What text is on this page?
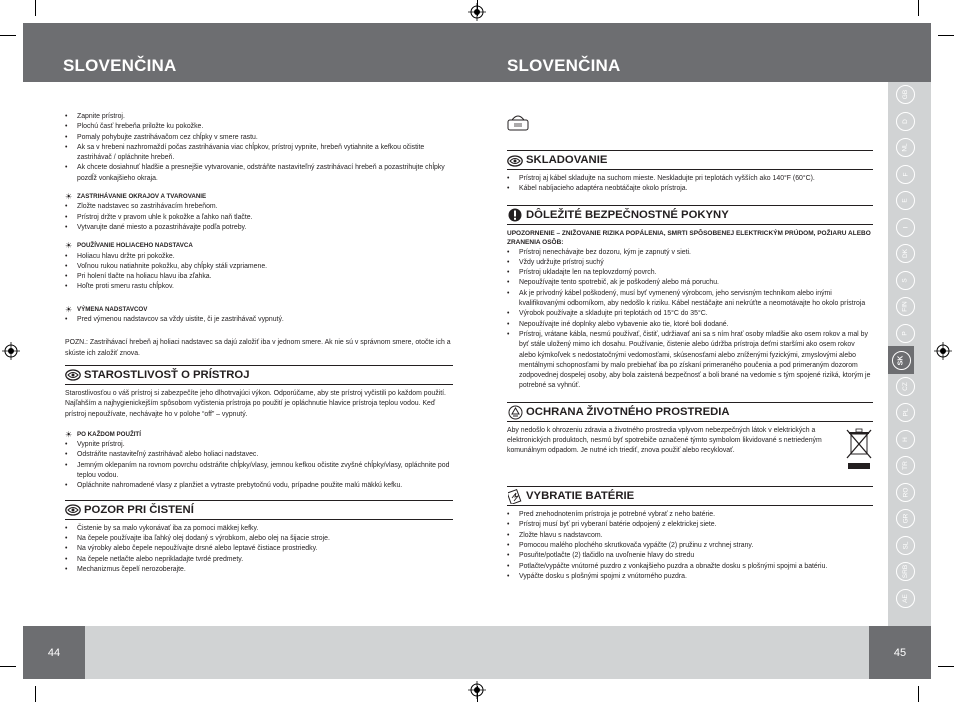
SLOVENČINA	SLOVENČINA
GB
D
NL
F
E
I
DK
S
FIN
P
SK
CZ
PL
H
TR
RO
GR
SL
SRB
AE
44	45
• Zapnite prístroj.
• Plochú časť hrebeňa priložte ku pokožke.
• Pomaly pohybujte zastrihávačom cez chĺpky v smere rastu.
• Ak sa v hrebeni nazhromaždí počas zastrihávania viac chĺpkov, prístroj vypnite, hrebeň vytiahnite a kefkou očistite zastrihávač / opláchnite hrebeň.
• Ak chcete dosiahnuť hladšie a presnejšie vytvarovanie, odstráňte nastaviteľný zastrihávací hrebeň a pozastrihujte chĺpky pozdĺž vonkajšieho okraja.
☀ ZASTRIHÁVANIE OKRAJOV A TVAROVANIE
• Zložte nadstavec so zastrihávacím hrebeňom.
• Prístroj držte v pravom uhle k pokožke a ľahko naň tlačte.
• Vytvarujte dané miesto a pozastrihávajte podľa potreby.
☀ POUŽÍVANIE HOLIACEHO NADSTAVCA
• Holiacu hlavu držte pri pokožke.
• Voľnou rukou natiahnite pokožku, aby chĺpky stáli vzpriamene.
• Pri holení tlačte na holiacu hlavu iba zľahka.
• Hoľte proti smeru rastu chĺpkov.
☀ VÝMENA NADSTAVCOV
• Pred výmenou nadstavcov sa vždy uistite, či je zastrihávač vypnutý.
POZN.: Zastrihávací hrebeň aj holiaci nadstavec sa dajú založiť iba v jednom smere. Ak nie sú v správnom smere, otočte ich a skúste ich založiť znova.
STAROSTLIVOSŤ O PRÍSTROJ
Starostlivosťou o váš prístroj si zabezpečíte jeho dlhotrvajúci výkon. Odporúčame, aby ste prístroj vyčistili po každom použití. Najľahším a najhygienickejším spôsobom vyčistenia prístroja po použití je opláchnutie hlavice prístroja teplou vodou. Keď prístroj nepoužívate, nechávajte ho v polohe “off” – vypnutý.
☀ PO KAŽDOM POUŽITÍ
• Vypnite prístroj.
• Odstráňte nastaviteľný zastrihávač alebo holiaci nadstavec.
• Jemným oklepaním na rovnom povrchu odstráňte chĺpky/vlasy, jemnou kefkou očistite zvyšné chĺpky/vlasy, opláchnite pod teplou vodou.
• Opláchnite nahromadené vlasy z planžiet a vytraste prebytočnú vodu, prípadne použite malú mäkkú kefku.
POZOR PRI ČISTENÍ
• Čistenie by sa malo vykonávať iba za pomoci mäkkej kefky.
• Na čepele používajte iba ľahký olej dodaný s výrobkom, alebo olej na šijacie stroje.
• Na výrobky alebo čepele nepoužívajte drsné alebo leptavé čistiace prostriedky.
• Na čepele netlačte alebo neprikladajte tvrdé predmety.
• Mechanizmus čepelí nerozoberajte.
SKLADOVANIE
• Prístroj aj kábel skladujte na suchom mieste. Neskladujte pri teplotách vyšších ako 140°F (60°C).
• Kábel nabíjacieho adaptéra neobtáčajte okolo prístroja.
DÔLEŽITÉ BEZPEČNOSTNÉ POKYNY
UPOZORNENIE – ZNIŽOVANIE RIZIKA POPÁLENIA, SMRTI SPÔSOBENEJ ELEKTRICKÝM PRÚDOM, POŽIARU ALEBO ZRANENIA OSÔB:
• Prístroj nenechávajte bez dozoru, kým je zapnutý v sieti.
• Vždy udržujte prístroj suchý
• Prístroj ukladajte len na teplovzdorný povrch.
• Nepoužívajte tento spotrebič, ak je poškodený alebo má poruchu.
• Ak je prívodný kábel poškodený, musí byť vymenený výrobcom, jeho servisným technikom alebo inými kvalifikovanými odborníkom, aby nedošlo k riziku. Kábel nestáčajte ani nekrúťte a neomotávajte ho okolo prístroja
• Výrobok používajte a skladujte pri teplotách od 15°C do 35°C.
• Nepoužívajte iné doplnky alebo vybavenie ako tie, ktoré boli dodané.
• Prístroj, vrátane kábla, nesmú používať, čistiť, udržiavať ani sa s ním hrať osoby mladšie ako osem rokov a mal by byť stále uložený mimo ich dosahu. Používanie, čistenie alebo údržba prístroja deťmi staršími ako osem rokov alebo kýmkoľvek s nedostatočnými vedomosťami, skúsenosťami alebo zníženými fyzickými, zmyslovými alebo mentálnymi schopnosťami by malo prebiehať iba po získaní primeraného poučenia a pod primeraným dozorom zodpovednej dospelej osoby, aby bola zaistená bezpečnosť a boli brané na vedomie s tým spojené riziká, ktorým je potrebné sa vyhnúť.
OCHRANA ŽIVOTNÉHO PROSTREDIA
Aby nedošlo k ohrozeniu zdravia a životného prostredia vplyvom nebezpečných látok v elektrických a elektronických produktoch, nesmú byť spotrebiče označené týmto symbolom likvidované s netriedeným komunálnym odpadom. Je nutné ich triediť, znova použiť alebo recyklovať.
VYBRATIE BATÉRIE
• Pred znehodnotením prístroja je potrebné vybrať z neho batérie.
• Prístroj musí byť pri vyberaní batérie odpojený z elektrickej siete.
• Zložte hlavu s nadstavcom.
• Pomocou malého plochého skrutkovača vypáčte (2) pružinu z vrchnej strany.
• Posuňte/potlačte (2) tlačidlo na uvoľnenie hlavy do stredu
• Potlačte/vypáčte vnútorné puzdro z vonkajšieho puzdra a obnažte dosku s plošnými spojmi a batériu.
• Vypáčte dosku s plošnými spojmi z vnútorného puzdra.
